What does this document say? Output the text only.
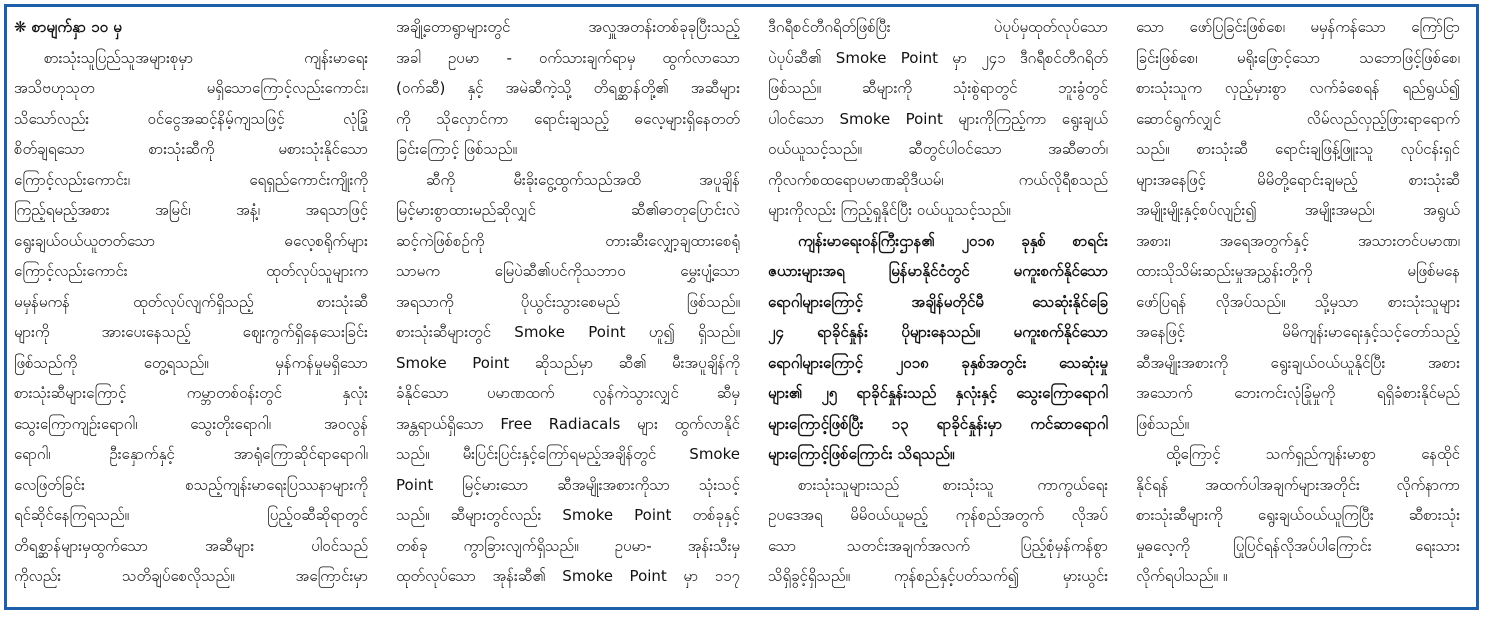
❋ စာမျက်နှာ ၁၀ မှ
စားသုံးသူပြည်သူအများစုမှာ ကျန်းမာရေး
အသိဗဟုသုတ မရှိသောကြောင့်လည်းကောင်း၊
သိသော်လည်း ဝင်ငွေအဆင့်နိမ့်ကျသဖြင့် လုံခြုံ
စိတ်ချရသော စားသုံးဆီကို မစားသုံးနိုင်သော
ကြောင့်လည်းကောင်း၊ ရေရှည်ကောင်းကျိုးကို
ကြည့်ရမည့်အစား အမြင်၊ အနံ့၊ အရသာဖြင့်
ရွေးချယ်ဝယ်ယူတတ်သော ဓလေ့စရိုက်များ
ကြောင့်လည်းကောင်း ထုတ်လုပ်သူများက
မမှန်မကန် ထုတ်လုပ်လျက်ရှိသည့် စားသုံးဆီ
များကို အားပေးနေသည့် ဈေးကွက်ရှိနေသေးခြင်း
ဖြစ်သည်ကို တွေ့ရသည်။ မှန်ကန်မှုမရှိသော
စားသုံးဆီများကြောင့် ကမ္ဘာတစ်ဝန်းတွင် နှလုံး
သွေးကြောကျဉ်းရောဂါ၊ သွေးတိုးရောဂါ၊ အဝလွန်
ရောဂါ၊ ဦးနှောက်နှင့် အာရုံကြောဆိုင်ရာရောဂါ၊
လေဖြတ်ခြင်း စသည့်ကျန်းမာရေးပြဿနာများကို
ရင်ဆိုင်နေကြရသည်။ ပြည့်ဝဆီဆိုရာတွင်
တိရစ္ဆာန်များမှထွက်သော အဆီများ ပါဝင်သည်
ကိုလည်း သတိချပ်စေလိုသည်။ အကြောင်းမှာ
အချို့တောရွာများတွင် အလှူအတန်းတစ်ခုခုပြီးသည့်
အခါ ဥပမာ - ဝက်သားချက်ရာမှ ထွက်လာသော
(ဝက်ဆီ) နှင့် အမဲဆီကဲ့သို့ တိရစ္ဆာန်တို့၏ အဆီများ
ကို သိုလှောင်ကာ ရောင်းချသည့် ဓလေ့များရှိနေတတ်
ခြင်းကြောင့် ဖြစ်သည်။
ဆီကို မီးခိုးငွေ့ထွက်သည်အထိ အပူချိန်
မြင့်မားစွာထားမည်ဆိုလျှင် ဆီ၏ဓာတုပြောင်းလဲ
ဆင့်ကဲဖြစ်စဉ်ကို တားဆီးလျှော့ချထားစေရုံ
သာမက မြေပဲဆီ၏ပင်ကိုသဘာဝ မွှေးပျံ့သော
အရသာကို ပိုယွင်းသွားစေမည် ဖြစ်သည်။
စားသုံးဆီများတွင် Smoke Point ဟူ၍ ရှိသည်။
Smoke Point ဆိုသည်မှာ ဆီ၏ မီးအပူချိန်ကို
ခံနိုင်သော ပမာဏထက် လွန်ကဲသွားလျှင် ဆီမှ
အန္တရာယ်ရှိသော Free Radiacals များ ထွက်လာနိုင်
သည်။ မီးပြင်းပြင်းနှင့်ကြော်ရမည့်အချိန်တွင် Smoke
Point မြင့်မားသော ဆီအမျိုးအစားကိုသာ သုံးသင့်
သည်။ ဆီများတွင်လည်း Smoke Point တစ်ခုနှင့်
တစ်ခု ကွာခြားလျက်ရှိသည်။ ဥပမာ- အုန်းသီးမှ
ထုတ်လုပ်သော အုန်းဆီ၏ Smoke Point မှာ ၁၁၇
ဒီဂရီစင်တီဂရိတ်ဖြစ်ပြီး ပဲပုပ်မှထုတ်လုပ်သော
ပဲပုပ်ဆီ၏ Smoke Point မှာ ၂၄၁ ဒီဂရီစင်တီဂရိတ်
ဖြစ်သည်။ ဆီများကို သုံးစွဲရာတွင် ဘူးခွံတွင်
ပါဝင်သော Smoke Point များကိုကြည့်ကာ ရွေးချယ်
ဝယ်ယူသင့်သည်။ ဆီတွင်ပါဝင်သော အဆီဓာတ်၊
ကိုလက်စထရောပမာဏဆိုဒီယမ်၊ ကယ်လိုရီစသည်
များကိုလည်း ကြည့်ရှုနိုင်ပြီး ဝယ်ယူသင့်သည်။
ကျန်းမာရေးဝန်ကြီးဌာန၏ ၂၀၁၈ ခုနှစ် စာရင်း
ဇယားများအရ မြန်မာနိုင်ငံတွင် မကူးစက်နိုင်သော
ရောဂါများကြောင့် အချိန်မတိုင်မီ သေဆုံးနိုင်ခြေ
၂၄ ရာခိုင်နှုန်း ပိုများနေသည်။ မကူးစက်နိုင်သော
ရောဂါများကြောင့် ၂၀၁၈ ခုနှစ်အတွင်း သေဆုံးမှု
များ၏ ၂၅ ရာခိုင်နှုန်းသည် နှလုံးနှင့် သွေးကြောရောဂါ
များကြောင့်ဖြစ်ပြီး ၁၃ ရာခိုင်နှုန်းမှာ ကင်ဆာရောဂါ
များကြောင့်ဖြစ်ကြောင်း သိရသည်။
စားသုံးသူများသည် စားသုံးသူ ကာကွယ်ရေး
ဥပဒေအရ မိမိဝယ်ယူမည့် ကုန်စည်အတွက် လိုအပ်
သော သတင်းအချက်အလက် ပြည့်စုံမှန်ကန်စွာ
သိရှိခွင့်ရှိသည်။ ကုန်စည်နှင့်ပတ်သက်၍ မှားယွင်း
သော ဖော်ပြခြင်းဖြစ်စေ၊ မမှန်ကန်သော ကြော်ငြာ
ခြင်းဖြစ်စေ၊ မရိုးဖြောင့်သော သဘောဖြင့်ဖြစ်စေ၊
စားသုံးသူက လှည့်မှားစွာ လက်ခံစေရန် ရည်ရွယ်၍
ဆောင်ရွက်လျှင် လိမ်လည်လှည့်ဖြားရာရောက်
သည်။ စားသုံးဆီ ရောင်းချဖြန့်ဖြူးသူ လုပ်ငန်းရှင်
များအနေဖြင့် မိမိတို့ရောင်းချမည့် စားသုံးဆီ
အမျိုးမျိုးနှင့်စပ်လျဉ်း၍ အမျိုးအမည်၊ အရွယ်
အစား၊ အရေအတွက်နှင့် အသားတင်ပမာဏ၊
ထားသိုသိမ်းဆည်းမှုအညွှန်းတို့ကို မဖြစ်မနေ
ဖော်ပြရန် လိုအပ်သည်။ သို့မှသာ စားသုံးသူများ
အနေဖြင့် မိမိကျန်းမာရေးနှင့်သင့်တော်သည့်
ဆီအမျိုးအစားကို ရွေးချယ်ဝယ်ယူနိုင်ပြီး အစား
အသောက် ဘေးကင်းလုံခြုံမှုကို ရရှိခံစားနိုင်မည်
ဖြစ်သည်။
ထို့ကြောင့် သက်ရှည်ကျန်းမာစွာ နေထိုင်
နိုင်ရန် အထက်ပါအချက်များအတိုင်း လိုက်နာကာ
စားသုံးဆီများကို ရွေးချယ်ဝယ်ယူကြပြီး ဆီစားသုံး
မှုဓလေ့ကို ပြုပြင်ရန်လိုအပ်ပါကြောင်း ရေးသား
လိုက်ရပါသည်။ ။
